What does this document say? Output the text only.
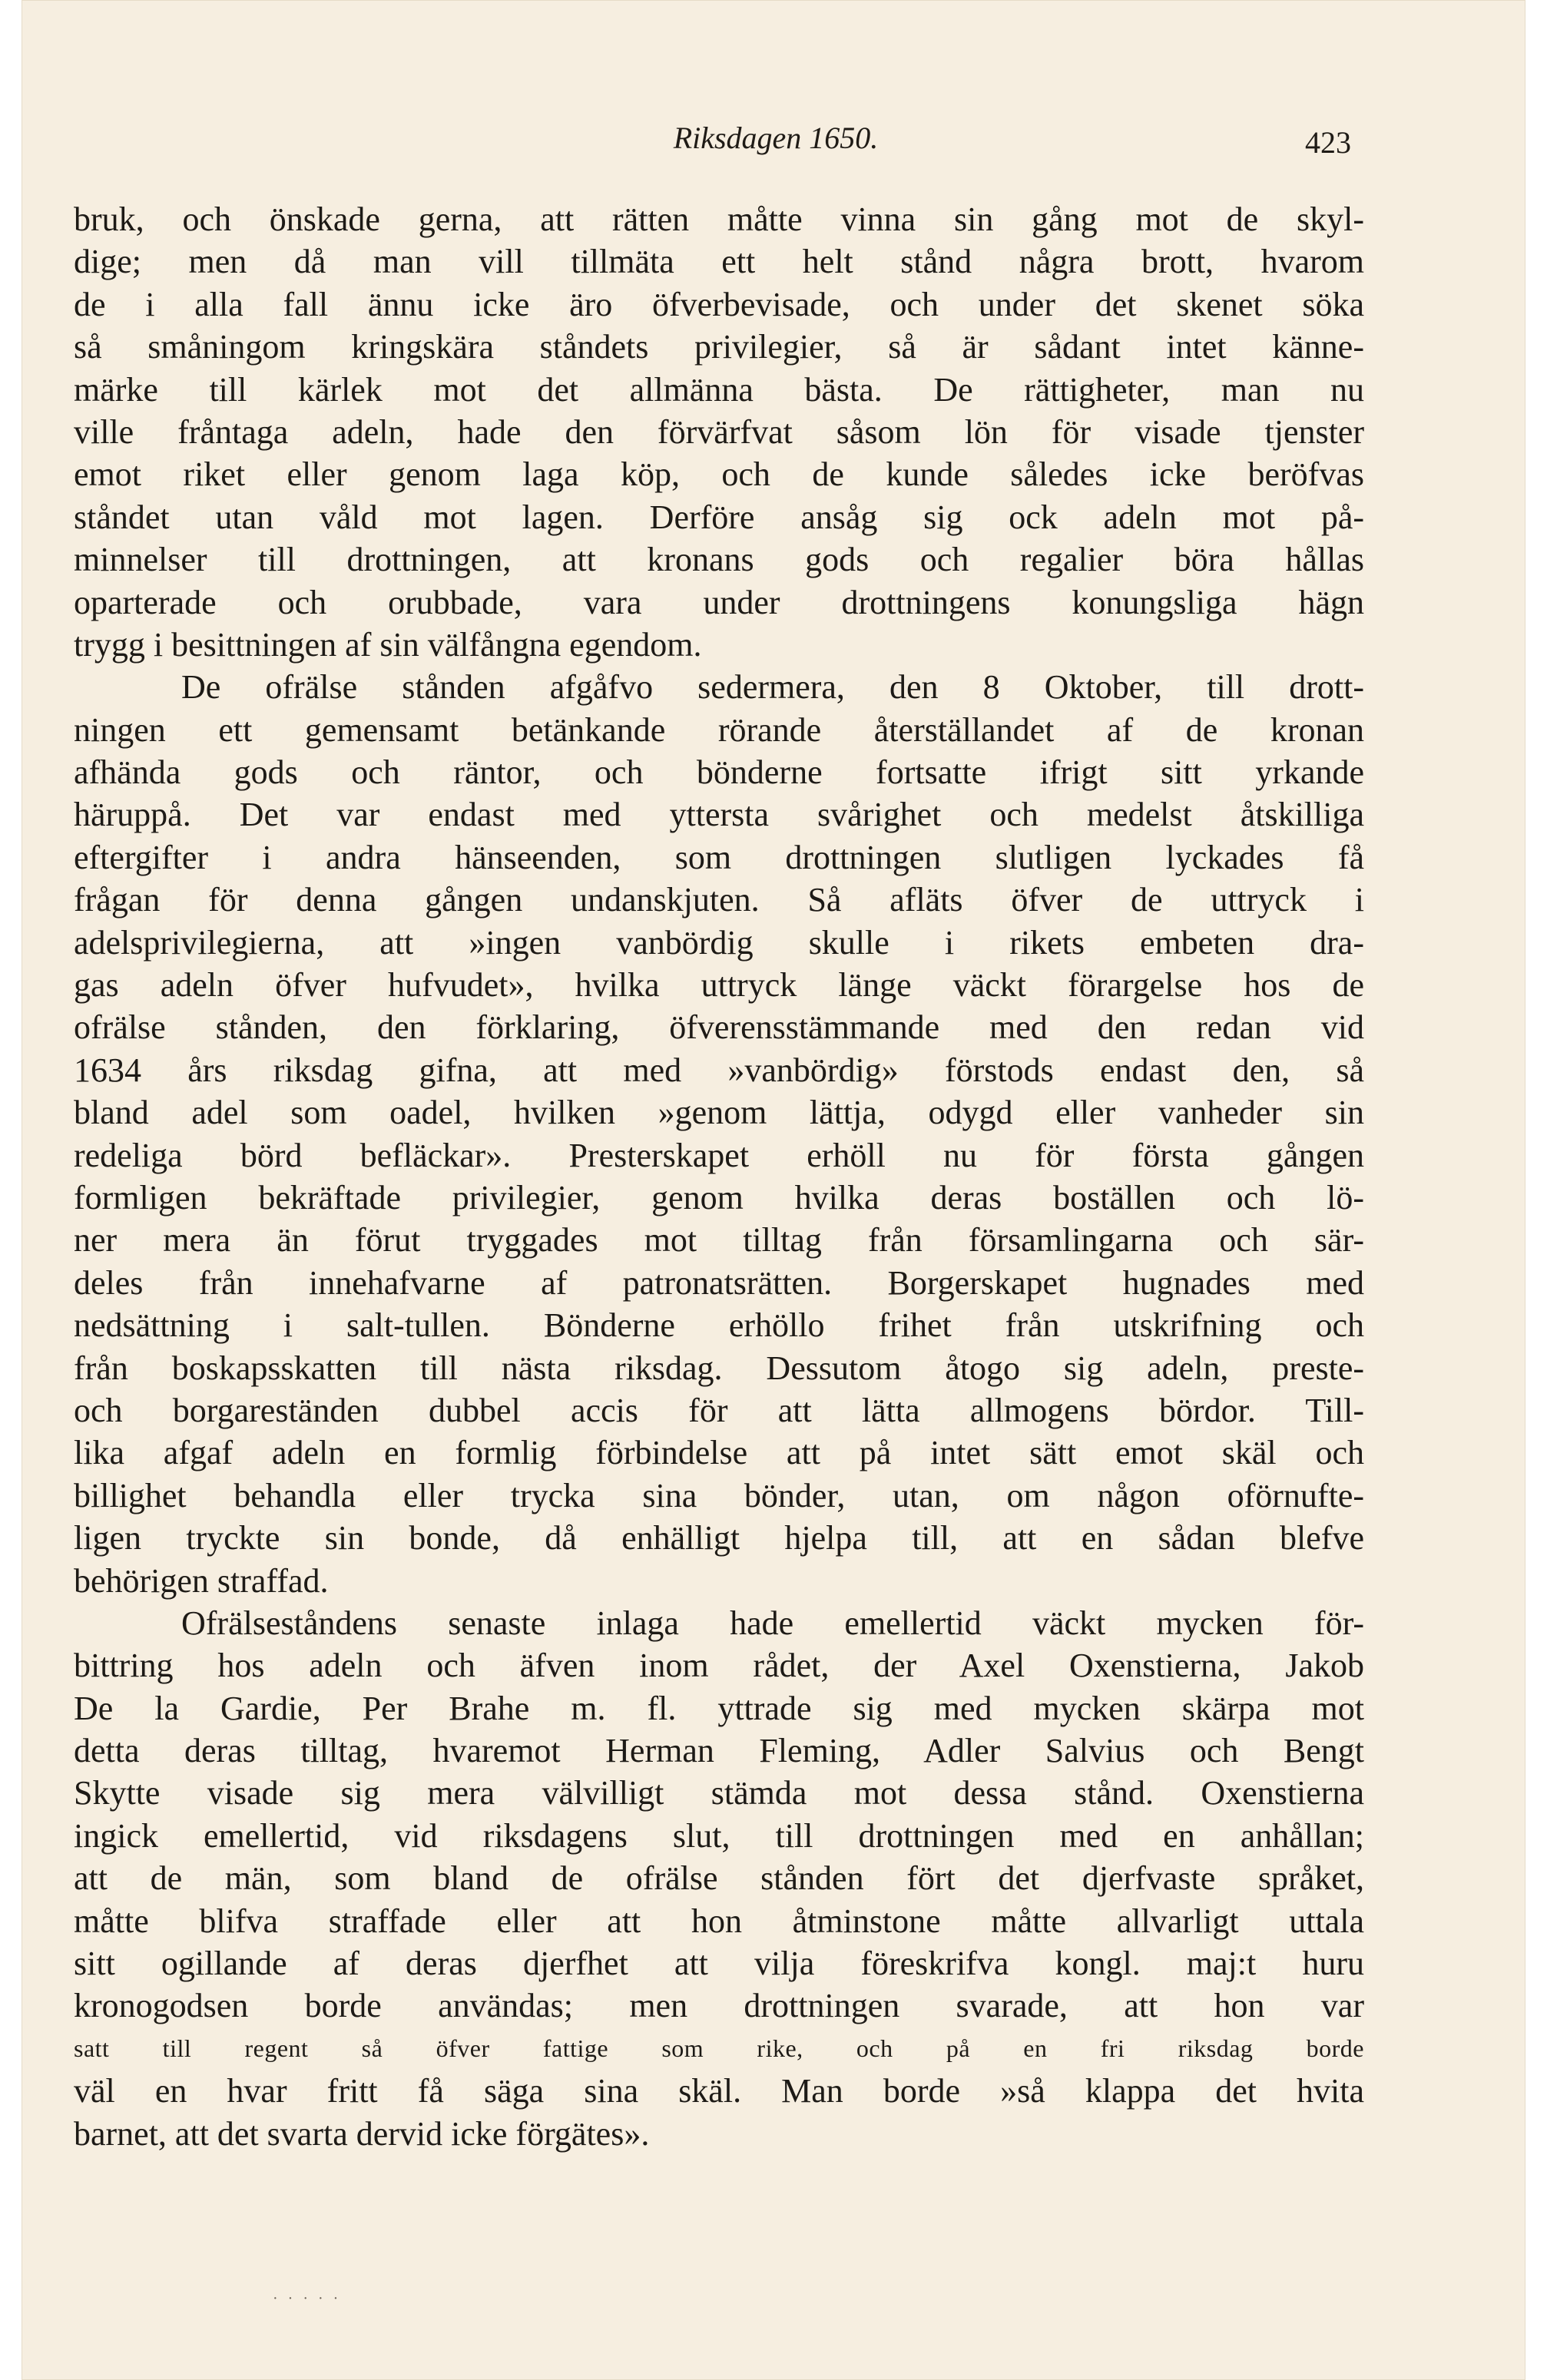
Riksdagen 1650.	423
bruk, och önskade gerna, att rätten måtte vinna sin gång mot de skyl-
dige; men då man vill tillmäta ett helt stånd några brott, hvarom
de i alla fall ännu icke äro öfverbevisade, och under det skenet söka
så småningom kringskära ståndets privilegier, så är sådant intet känne-
märke till kärlek mot det allmänna bästa. De rättigheter, man nu
ville fråntaga adeln, hade den förvärfvat såsom lön för visade tjenster
emot riket eller genom laga köp, och de kunde således icke beröfvas
ståndet utan våld mot lagen. Derföre ansåg sig ock adeln mot på-
minnelser till drottningen, att kronans gods och regalier böra hållas
oparterade och orubbade, vara under drottningens konungsliga hägn
trygg i besittningen af sin välfångna egendom.
De ofrälse stånden afgåfvo sedermera, den 8 Oktober, till drott-
ningen ett gemensamt betänkande rörande återställandet af de kronan
afhända gods och räntor, och bönderne fortsatte ifrigt sitt yrkande
häruppå. Det var endast med yttersta svårighet och medelst åtskilliga
eftergifter i andra hänseenden, som drottningen slutligen lyckades få
frågan för denna gången undanskjuten. Så afläts öfver de uttryck i
adelsprivilegierna, att »ingen vanbördig skulle i rikets embeten dra-
gas adeln öfver hufvudet», hvilka uttryck länge väckt förargelse hos de
ofrälse stånden, den förklaring, öfverensstämmande med den redan vid
1634 års riksdag gifna, att med »vanbördig» förstods endast den, så
bland adel som oadel, hvilken »genom lättja, odygd eller vanheder sin
redeliga börd befläckar». Presterskapet erhöll nu för första gången
formligen bekräftade privilegier, genom hvilka deras boställen och lö-
ner mera än förut tryggades mot tilltag från församlingarna och sär-
deles från innehafvarne af patronatsrätten. Borgerskapet hugnades med
nedsättning i salt-tullen. Bönderne erhöllo frihet från utskrifning och
från boskapsskatten till nästa riksdag. Dessutom åtogo sig adeln, preste-
och borgareständen dubbel accis för att lätta allmogens bördor. Till-
lika afgaf adeln en formlig förbindelse att på intet sätt emot skäl och
billighet behandla eller trycka sina bönder, utan, om någon oförnufte-
ligen tryckte sin bonde, då enhälligt hjelpa till, att en sådan blefve
behörigen straffad.
Ofrälseståndens senaste inlaga hade emellertid väckt mycken för-
bittring hos adeln och äfven inom rådet, der Axel Oxenstierna, Jakob
De la Gardie, Per Brahe m. fl. yttrade sig med mycken skärpa mot
detta deras tilltag, hvaremot Herman Fleming, Adler Salvius och Bengt
Skytte visade sig mera välvilligt stämda mot dessa stånd. Oxenstierna
ingick emellertid, vid riksdagens slut, till drottningen med en anhållan;
att de män, som bland de ofrälse stånden fört det djerfvaste språket,
måtte blifva straffade eller att hon åtminstone måtte allvarligt uttala
sitt ogillande af deras djerfhet att vilja föreskrifva kongl. maj:t huru
kronogodsen borde användas; men drottningen svarade, att hon var
satt till regent så öfver fattige som rike, och på en fri riksdag borde
väl en hvar fritt få säga sina skäl. Man borde »så klappa det hvita
barnet, att det svarta dervid icke förgätes».
· · · · ·
